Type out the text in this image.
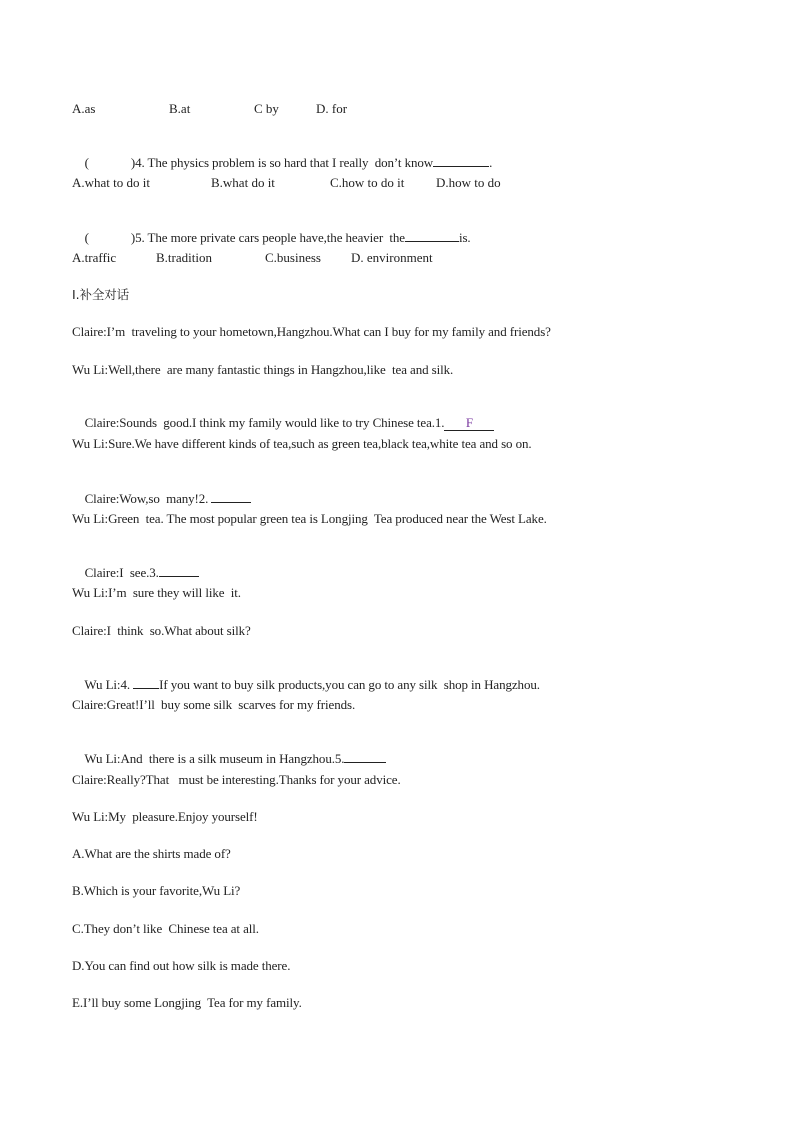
A.as	B.at	C by	D. for

(	)4. The physics problem is so hard that I really  don’t know	.

A.what to do it	B.what do it	C.how to do it D.how to do

(	)5. The more private cars people have,the heavier  the	is.

A.traffic	B.tradition	C.business D. environment
Ⅰ.补全对话
Claire:I’m  traveling to your hometown,Hangzhou.What can I buy for my family and friends?
Wu Li:Well,there  are many fantastic things in Hangzhou,like  tea and silk.

Claire:Sounds  good.I think my family would like to try Chinese tea.1. F

Wu Li:Sure.We have different kinds of tea,such as green tea,black tea,white tea and so on.

Claire:Wow,so  many!2.

Wu Li:Green  tea. The most popular green tea is Longjing  Tea produced near the West Lake.

Claire:I  see.3.

Wu Li:I’m  sure they will like  it.
Claire:I  think  so.What about silk?

Wu Li:4. If you want to buy silk products,you can go to any silk  shop in Hangzhou.

Claire:Great!I’ll  buy some silk  scarves for my friends.

Wu Li:And  there is a silk museum in Hangzhou.5.

Claire:Really?That   must be interesting.Thanks for your advice.
Wu Li:My  pleasure.Enjoy yourself!
A.What are the shirts made of?
B.Which is your favorite,Wu Li?
C.They don’t like  Chinese tea at all.
D.You can find out how silk is made there.
E.I’ll buy some Longjing  Tea for my family.
